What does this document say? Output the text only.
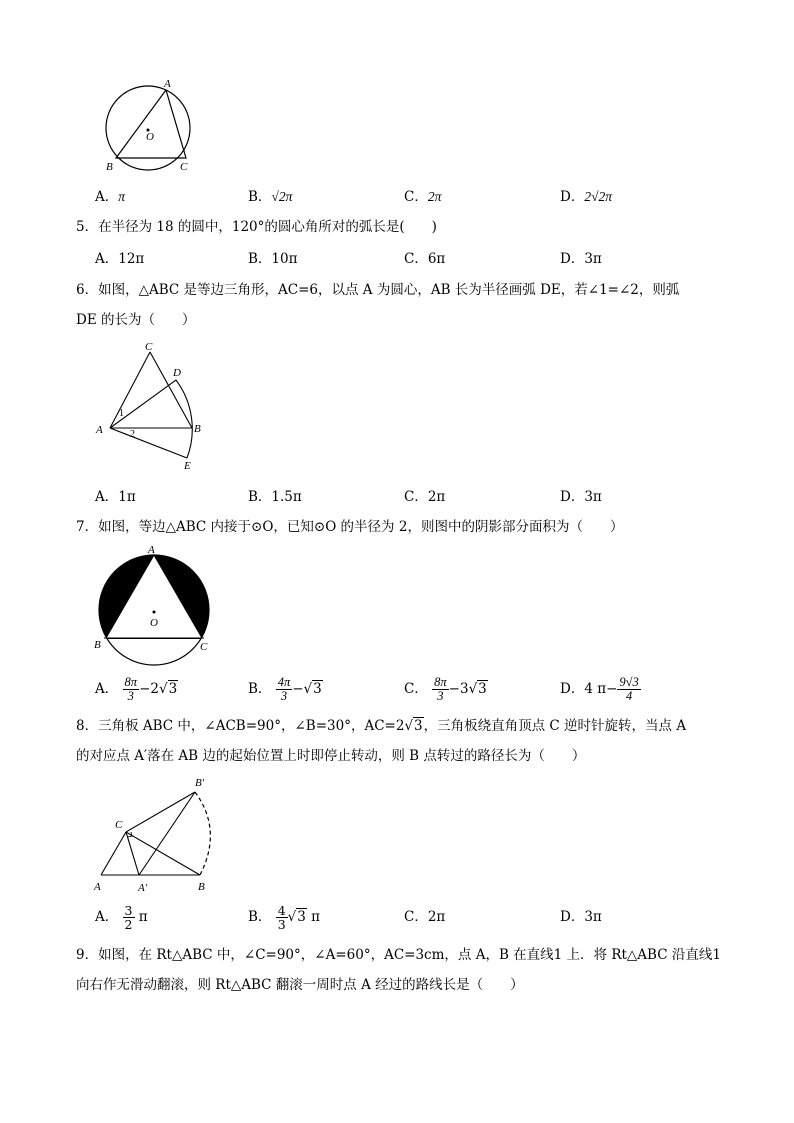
A
B	C
O
A．π	B．√2π	C．2π	D．2√2π
5．在半径为 18 的圆中，120°的圆心角所对的弧长是(　　)
A．12π	B．10π	C．6π	D．3π
6．如图，△ABC 是等边三角形，AC=6，以点 A 为圆心，AB 长为半径画弧 DE，若∠1=∠2，则弧
DE 的长为（　　）
C
D
A	B
E
1
2
A．1π	B．1.5π	C．2π	D．3π
7．如图，等边△ABC 内接于⊙O，已知⊙O 的半径为 2，则图中的阴影部分面积为（　　）
A
B	C
O
A． $\frac{8\pi}{3} -2√3$	B． $\frac{4\pi}{3} -√3$	C． $\frac{8\pi}{3} -3√3$	D．4 $\pi- \frac{9√3}{4}$
8．三角板 ABC 中，∠ACB=90°，∠B=30°，AC=2√3，三角板绕直角顶点 C 逆时针旋转，当点 A
的对应点 A′落在 AB 边的起始位置上时即停止转动，则 B 点转过的路径长为（　　）
C
B′
A	A′	B
A． $\frac{3}{2}$ π	B． $\frac{4}{3} √3$ π	C．2π	D．3π
9．如图，在 Rt△ABC 中，∠C=90°，∠A=60°，AC=3cm，点 A，B 在直线1 上．将 Rt△ABC 沿直线1
向右作无滑动翻滚，则 Rt△ABC 翻滚一周时点 A 经过的路线长是（　　）
